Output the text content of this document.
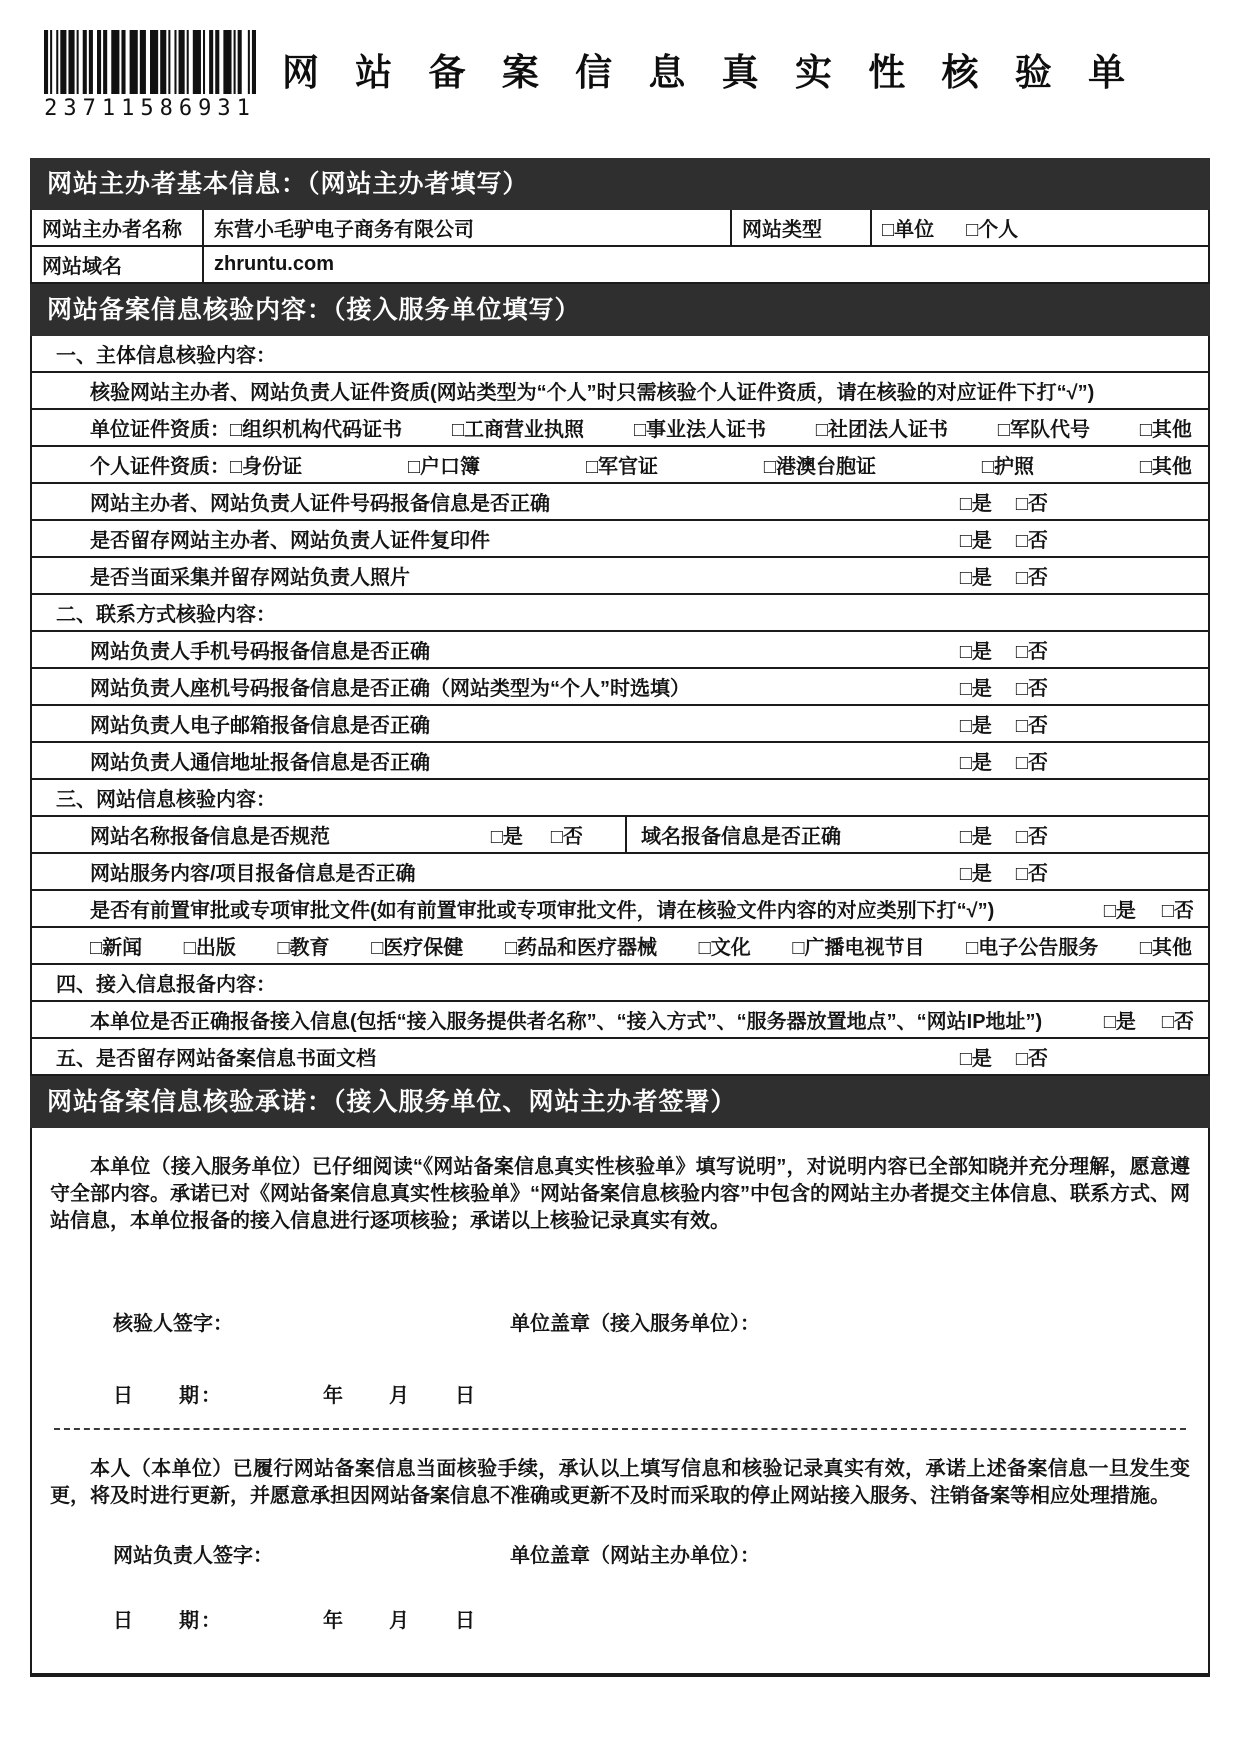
23711586931
网 站 备 案 信 息 真 实 性 核 验 单
网站主办者基本信息：（网站主办者填写）
网站主办者名称	东营小毛驴电子商务有限公司	网站类型	□单位 □个人
网站域名	zhruntu.com
网站备案信息核验内容：（接入服务单位填写）
一、主体信息核验内容：
核验网站主办者、网站负责人证件资质(网站类型为“个人”时只需核验个人证件资质，请在核验的对应证件下打“√”)
单位证件资质： □组织机构代码证书 □工商营业执照 □事业法人证书 □社团法人证书 □军队代号 □其他
个人证件资质： □身份证	□户口簿	□军官证	□港澳台胞证	□护照	□其他
网站主办者、网站负责人证件号码报备信息是否正确	□是 □否
是否留存网站主办者、网站负责人证件复印件	□是 □否
是否当面采集并留存网站负责人照片	□是 □否
二、联系方式核验内容：
网站负责人手机号码报备信息是否正确	□是 □否
网站负责人座机号码报备信息是否正确（网站类型为“个人”时选填）	□是 □否
网站负责人电子邮箱报备信息是否正确	□是 □否
网站负责人通信地址报备信息是否正确	□是 □否
三、网站信息核验内容：
网站名称报备信息是否规范	□是 □否	域名报备信息是否正确	□是 □否
网站服务内容/项目报备信息是否正确	□是 □否
是否有前置审批或专项审批文件(如有前置审批或专项审批文件，请在核验文件内容的对应类别下打“√”)	□是 □否
□新闻 □出版 □教育 □医疗保健 □药品和医疗器械 □文化 □广播电视节目 □电子公告服务 □其他
四、接入信息报备内容：
本单位是否正确报备接入信息(包括“接入服务提供者名称”、“接入方式”、“服务器放置地点”、“网站IP地址”)	□是 □否
五、是否留存网站备案信息书面文档	□是 □否
网站备案信息核验承诺：（接入服务单位、网站主办者签署）

本单位（接入服务单位）已仔细阅读“《网站备案信息真实性核验单》填写说明”，对说明内容已全部知晓并充分理解，愿意遵守全部内容。承诺已对《网站备案信息真实性核验单》“网站备案信息核验内容”中包含的网站主办者提交主体信息、联系方式、网站信息，本单位报备的接入信息进行逐项核验；承诺以上核验记录真实有效。

核验人签字：	单位盖章（接入服务单位）：
日　　期：　　　　　年　　月　　日

本人（本单位）已履行网站备案信息当面核验手续，承认以上填写信息和核验记录真实有效，承诺上述备案信息一旦发生变更，将及时进行更新，并愿意承担因网站备案信息不准确或更新不及时而采取的停止网站接入服务、注销备案等相应处理措施。

网站负责人签字：	单位盖章（网站主办单位）：
日　　期：　　　　　年　　月　　日
